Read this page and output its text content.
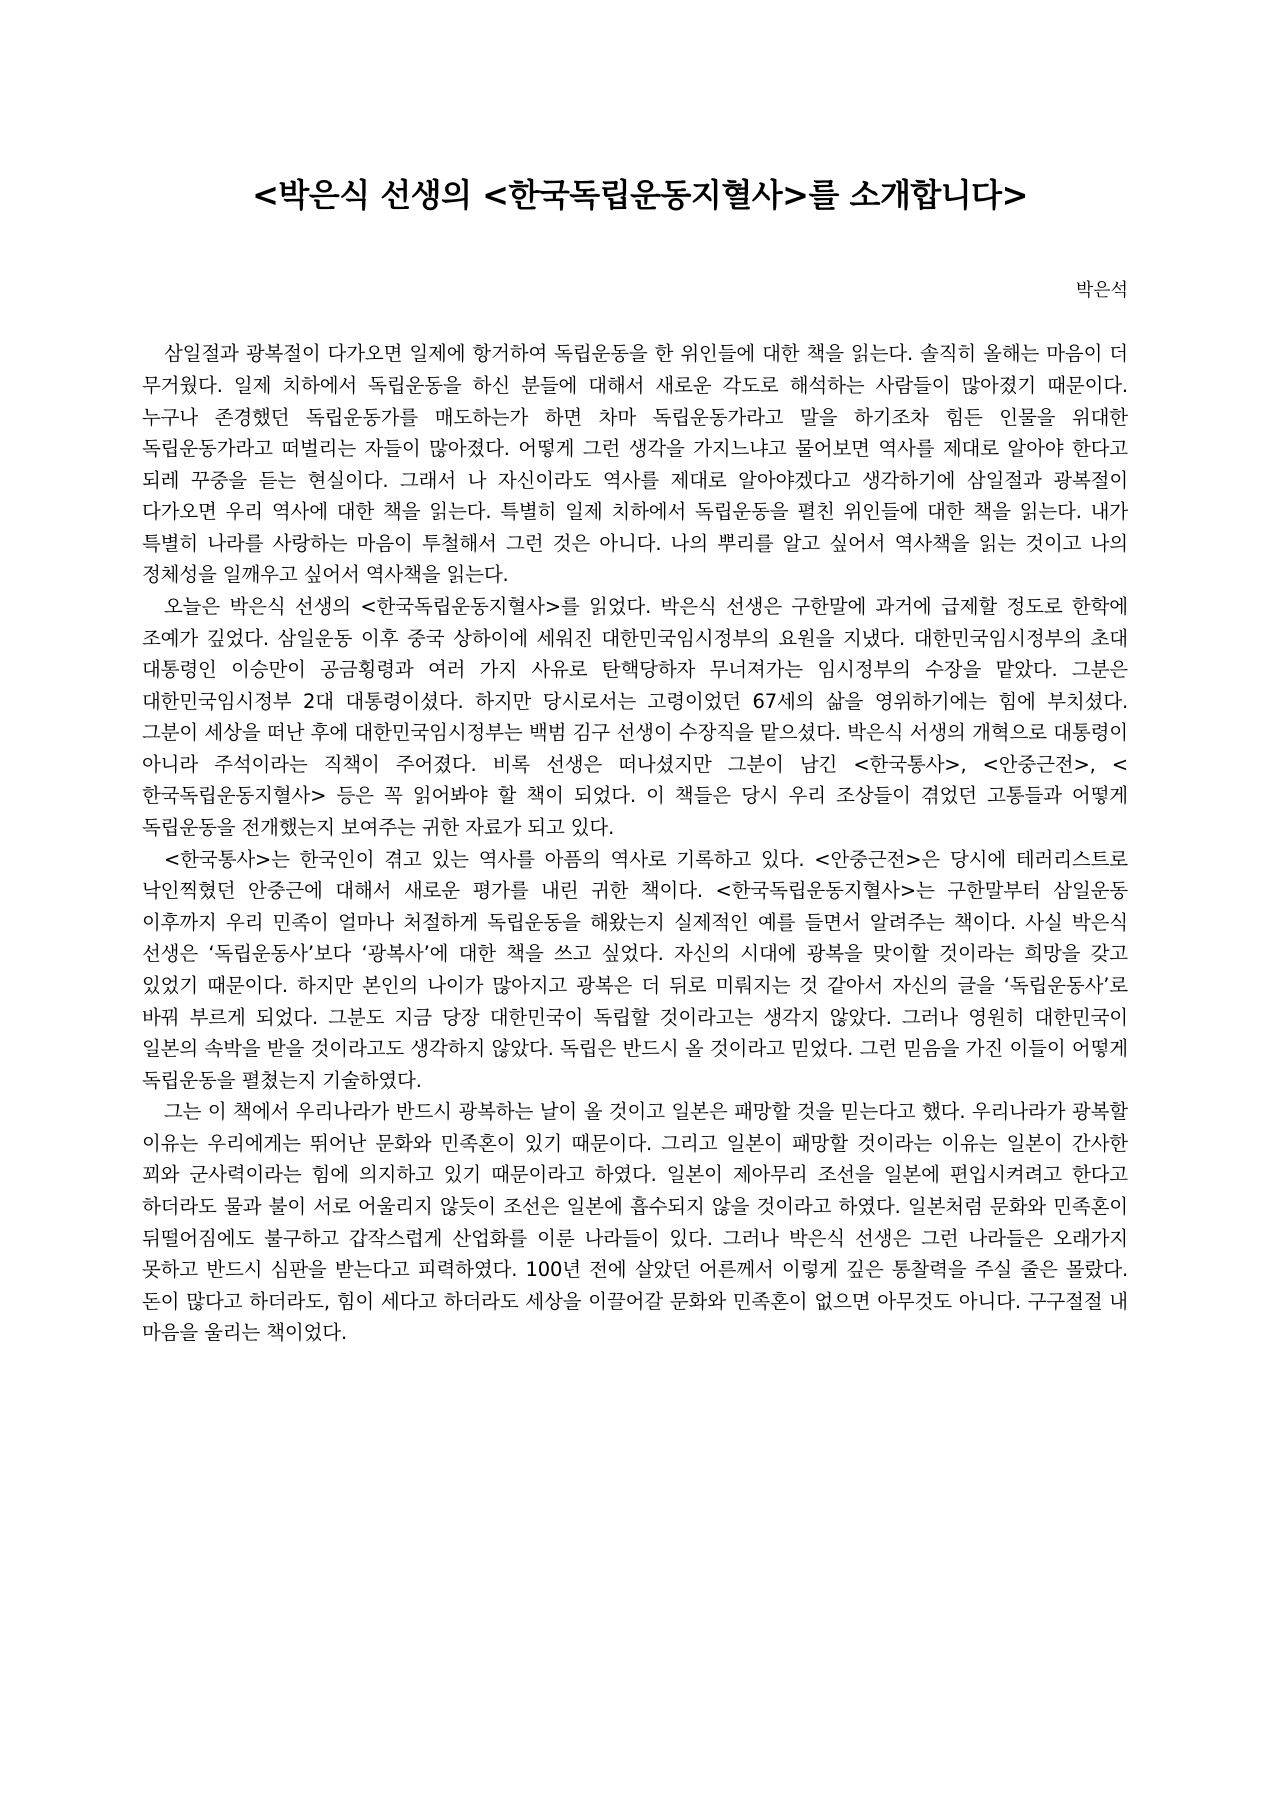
<박은식 선생의 <한국독립운동지혈사>를 소개합니다>
박은석

삼일절과 광복절이 다가오면 일제에 항거하여 독립운동을 한 위인들에 대한 책을 읽는다. 솔직히 올해는 마음이 더 무거웠다. 일제 치하에서 독립운동을 하신 분들에 대해서 새로운 각도로 해석하는 사람들이 많아졌기 때문이다. 누구나 존경했던 독립운동가를 매도하는가 하면 차마 독립운동가라고 말을 하기조차 힘든 인물을 위대한 독립운동가라고 떠벌리는 자들이 많아졌다. 어떻게 그런 생각을 가지느냐고 물어보면 역사를 제대로 알아야 한다고 되레 꾸중을 듣는 현실이다. 그래서 나 자신이라도 역사를 제대로 알아야겠다고 생각하기에 삼일절과 광복절이 다가오면 우리 역사에 대한 책을 읽는다. 특별히 일제 치하에서 독립운동을 펼친 위인들에 대한 책을 읽는다. 내가 특별히 나라를 사랑하는 마음이 투철해서 그런 것은 아니다. 나의 뿌리를 알고 싶어서 역사책을 읽는 것이고 나의 정체성을 일깨우고 싶어서 역사책을 읽는다.

오늘은 박은식 선생의 <한국독립운동지혈사>를 읽었다. 박은식 선생은 구한말에 과거에 급제할 정도로 한학에 조예가 깊었다. 삼일운동 이후 중국 상하이에 세워진 대한민국임시정부의 요원을 지냈다. 대한민국임시정부의 초대 대통령인 이승만이 공금횡령과 여러 가지 사유로 탄핵당하자 무너져가는 임시정부의 수장을 맡았다. 그분은 대한민국임시정부 2대 대통령이셨다. 하지만 당시로서는 고령이었던 67세의 삶을 영위하기에는 힘에 부치셨다. 그분이 세상을 떠난 후에 대한민국임시정부는 백범 김구 선생이 수장직을 맡으셨다. 박은식 서생의 개혁으로 대통령이 아니라 주석이라는 직책이 주어졌다. 비록 선생은 떠나셨지만 그분이 남긴 <한국통사>, <안중근전>, <한국독립운동지혈사> 등은 꼭 읽어봐야 할 책이 되었다. 이 책들은 당시 우리 조상들이 겪었던 고통들과 어떻게 독립운동을 전개했는지 보여주는 귀한 자료가 되고 있다.

<한국통사>는 한국인이 겪고 있는 역사를 아픔의 역사로 기록하고 있다. <안중근전>은 당시에 테러리스트로 낙인찍혔던 안중근에 대해서 새로운 평가를 내린 귀한 책이다. <한국독립운동지혈사>는 구한말부터 삼일운동 이후까지 우리 민족이 얼마나 처절하게 독립운동을 해왔는지 실제적인 예를 들면서 알려주는 책이다. 사실 박은식 선생은 ‘독립운동사’보다 ‘광복사’에 대한 책을 쓰고 싶었다. 자신의 시대에 광복을 맞이할 것이라는 희망을 갖고 있었기 때문이다. 하지만 본인의 나이가 많아지고 광복은 더 뒤로 미뤄지는 것 같아서 자신의 글을 ‘독립운동사’로 바꿔 부르게 되었다. 그분도 지금 당장 대한민국이 독립할 것이라고는 생각지 않았다. 그러나 영원히 대한민국이 일본의 속박을 받을 것이라고도 생각하지 않았다. 독립은 반드시 올 것이라고 믿었다. 그런 믿음을 가진 이들이 어떻게 독립운동을 펼쳤는지 기술하였다.

그는 이 책에서 우리나라가 반드시 광복하는 날이 올 것이고 일본은 패망할 것을 믿는다고 했다. 우리나라가 광복할 이유는 우리에게는 뛰어난 문화와 민족혼이 있기 때문이다. 그리고 일본이 패망할 것이라는 이유는 일본이 간사한 꾀와 군사력이라는 힘에 의지하고 있기 때문이라고 하였다. 일본이 제아무리 조선을 일본에 편입시켜려고 한다고 하더라도 물과 불이 서로 어울리지 않듯이 조선은 일본에 흡수되지 않을 것이라고 하였다. 일본처럼 문화와 민족혼이 뒤떨어짐에도 불구하고 갑작스럽게 산업화를 이룬 나라들이 있다. 그러나 박은식 선생은 그런 나라들은 오래가지 못하고 반드시 심판을 받는다고 피력하였다. 100년 전에 살았던 어른께서 이렇게 깊은 통찰력을 주실 줄은 몰랐다. 돈이 많다고 하더라도, 힘이 세다고 하더라도 세상을 이끌어갈 문화와 민족혼이 없으면 아무것도 아니다. 구구절절 내 마음을 울리는 책이었다.
